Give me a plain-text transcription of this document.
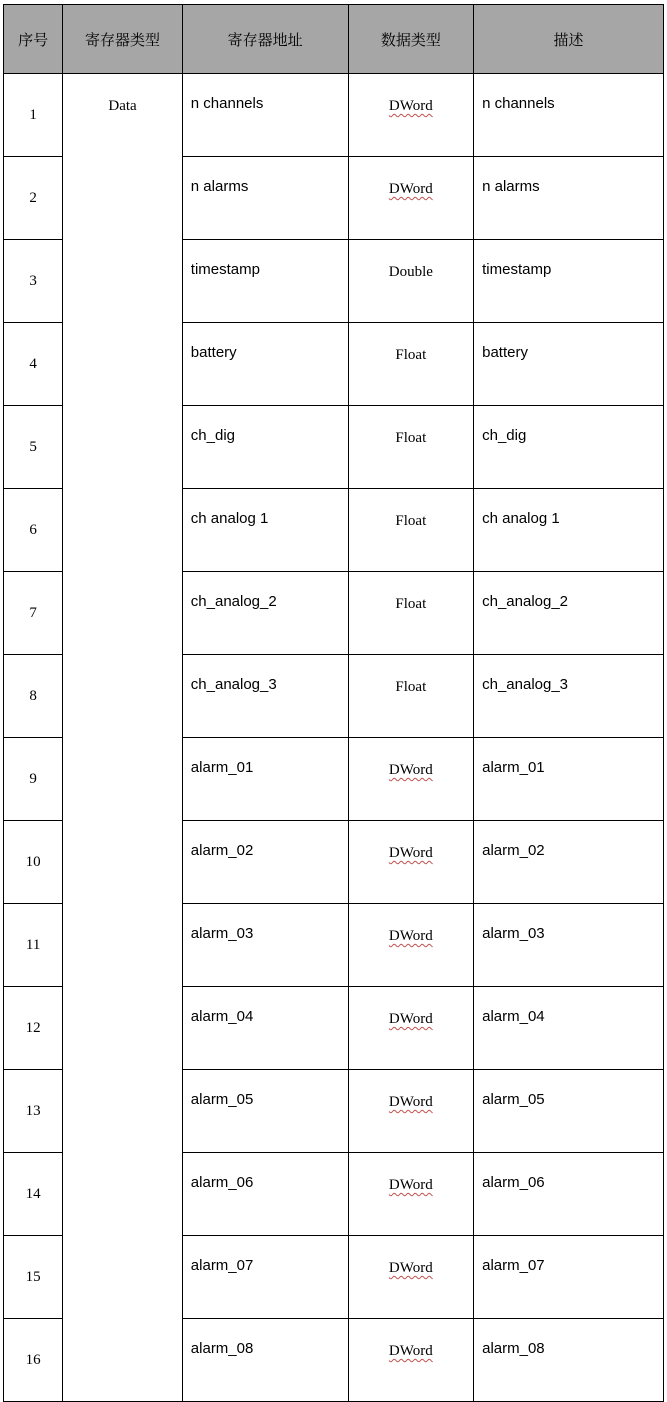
序号	寄存器类型	寄存器地址	数据类型	描述
1	Data	n channels	DWord	n channels
2		n alarms	DWord	n alarms
3		timestamp	Double	timestamp
4		battery	Float	battery
5		ch_dig	Float	ch_dig
6		ch analog 1	Float	ch analog 1
7		ch_analog_2	Float	ch_analog_2
8		ch_analog_3	Float	ch_analog_3
9		alarm_01	DWord	alarm_01
10		alarm_02	DWord	alarm_02
11		alarm_03	DWord	alarm_03
12		alarm_04	DWord	alarm_04
13		alarm_05	DWord	alarm_05
14		alarm_06	DWord	alarm_06
15		alarm_07	DWord	alarm_07
16		alarm_08	DWord	alarm_08
